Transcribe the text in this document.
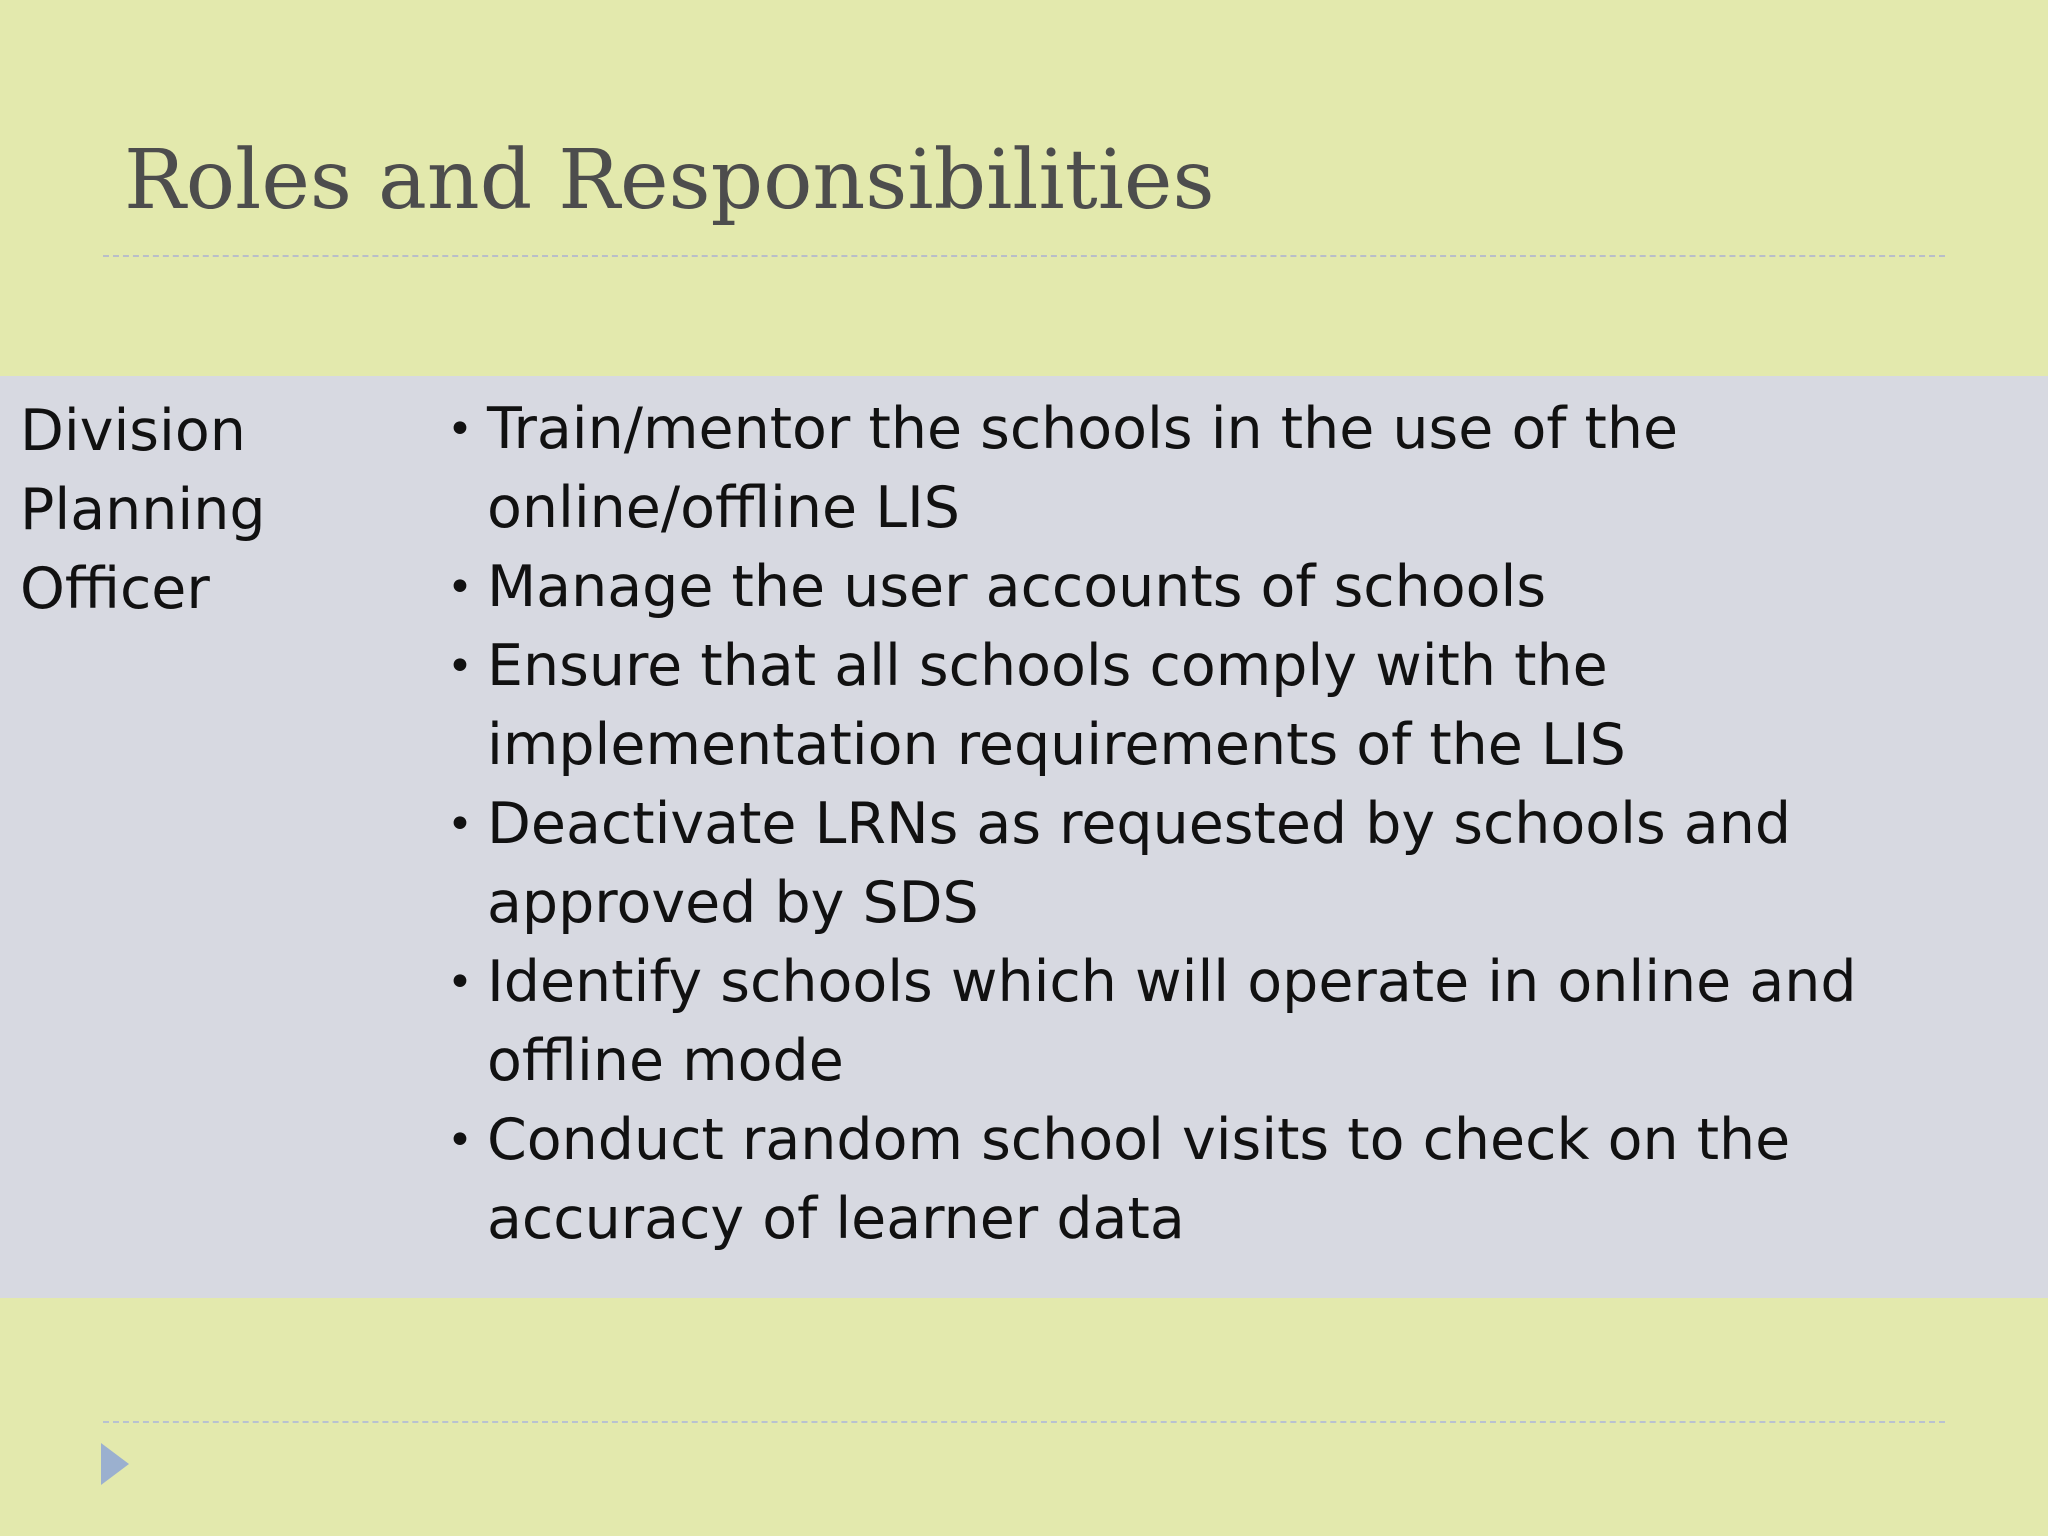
Roles and Responsibilities

Division
Planning
Officer

• Train/mentor the schools in the use of the online/offline LIS
• Manage the user accounts of schools
• Ensure that all schools comply with the implementation requirements of the LIS
• Deactivate LRNs as requested by schools and approved by SDS
• Identify schools which will operate in online and offline mode
• Conduct random school visits to check on the accuracy of learner data
